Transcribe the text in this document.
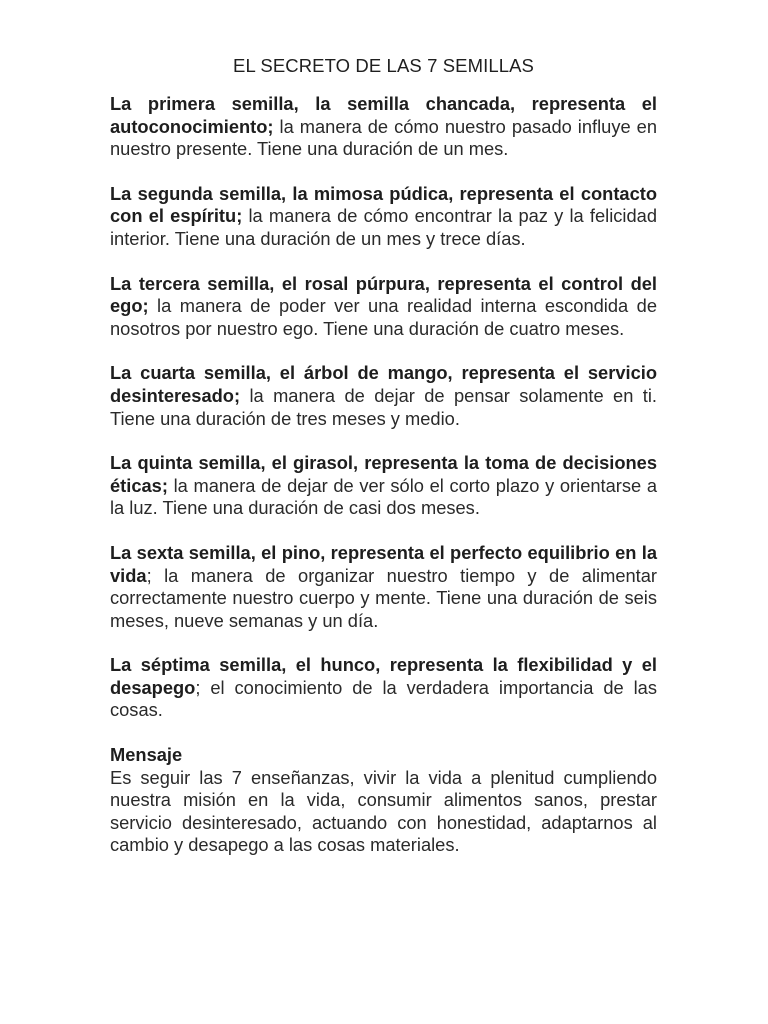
EL SECRETO DE LAS 7 SEMILLAS

La primera semilla, la semilla chancada, representa el autoconocimiento; la manera de cómo nuestro pasado influye en nuestro presente. Tiene una duración de un mes.

La segunda semilla, la mimosa púdica, representa el contacto con el espíritu; la manera de cómo encontrar la paz y la felicidad interior. Tiene una duración de un mes y trece días.

La tercera semilla, el rosal púrpura, representa el control del ego; la manera de poder ver una realidad interna escondida de nosotros por nuestro ego. Tiene una duración de cuatro meses.

La cuarta semilla, el árbol de mango, representa el servicio desinteresado; la manera de dejar de pensar solamente en ti. Tiene una duración de tres meses y medio.

La quinta semilla, el girasol, representa la toma de decisiones éticas; la manera de dejar de ver sólo el corto plazo y orientarse a la luz. Tiene una duración de casi dos meses.

La sexta semilla, el pino, representa el perfecto equilibrio en la vida; la manera de organizar nuestro tiempo y de alimentar correctamente nuestro cuerpo y mente. Tiene una duración de seis meses, nueve semanas y un día.

La séptima semilla, el hunco, representa la flexibilidad y el desapego; el conocimiento de la verdadera importancia de las cosas.

Mensaje

Es seguir las 7 enseñanzas, vivir la vida a plenitud cumpliendo nuestra misión en la vida, consumir alimentos sanos, prestar servicio desinteresado, actuando con honestidad, adaptarnos al cambio y desapego a las cosas materiales.
